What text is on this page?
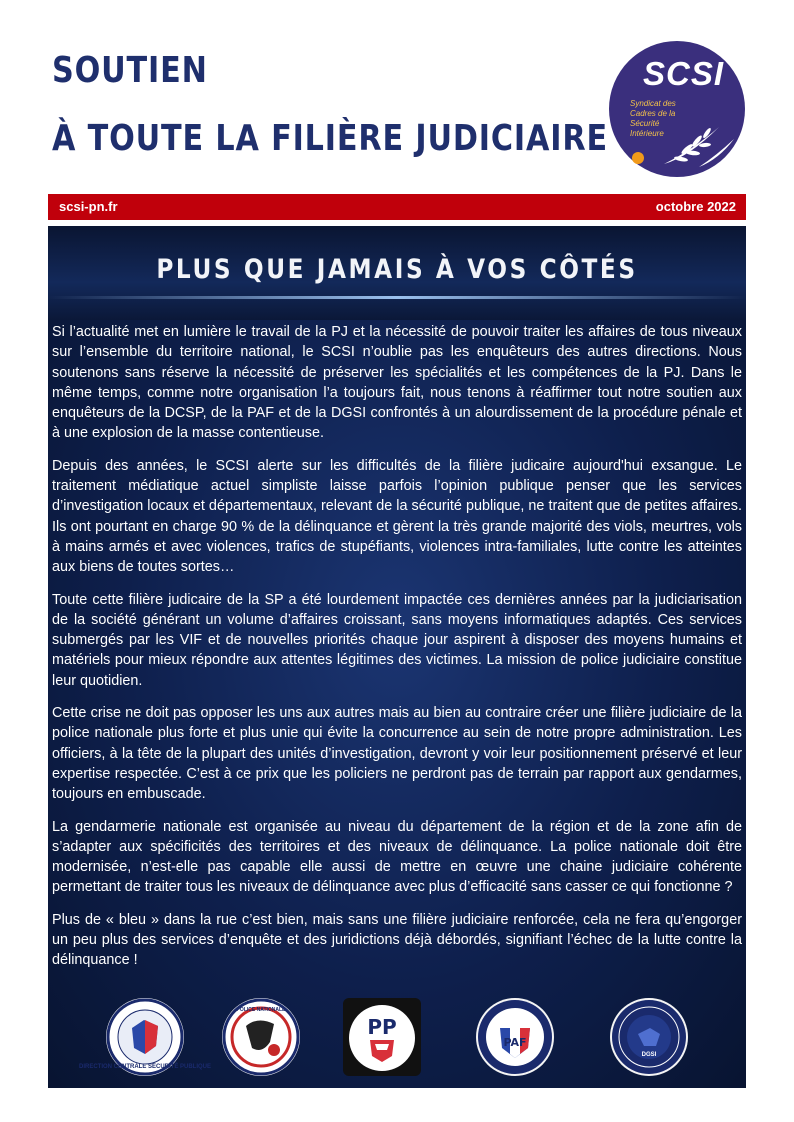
SOUTIEN
À TOUTE LA FILIÈRE JUDICIAIRE
SCSI
Syndicat des Cadres de la Sécurité Intérieure
scsi-pn.fr	octobre 2022
PLUS QUE JAMAIS À VOS CÔTÉS

Si l’actualité met en lumière le travail de la PJ et la nécessité de pouvoir traiter les affaires de tous niveaux sur l’ensemble du territoire national, le SCSI n’oublie pas les enquêteurs des autres directions. Nous soutenons sans réserve la nécessité de préserver les spécialités et les compétences de la PJ. Dans le même temps, comme notre organisation l’a toujours fait, nous tenons à réaffirmer tout notre soutien aux enquêteurs de la DCSP, de la PAF et de la DGSI confrontés à un alourdissement de la procédure pénale et à une explosion de la masse contentieuse.

Depuis des années, le SCSI alerte sur les difficultés de la filière judicaire aujourd'hui exsangue. Le traitement médiatique actuel simpliste laisse parfois l’opinion publique penser que les services d’investigation locaux et départementaux, relevant de la sécurité publique, ne traitent que de petites affaires. Ils ont pourtant en charge 90 % de la délinquance et gèrent la très grande majorité des viols, meurtres, vols à mains armés et avec violences, trafics de stupéfiants, violences intra-familiales, lutte contre les atteintes aux biens de toutes sortes…

Toute cette filière judicaire de la SP a été lourdement impactée ces dernières années par la judiciarisation de la société générant un volume d’affaires croissant, sans moyens informatiques adaptés. Ces services submergés par les VIF et de nouvelles priorités chaque jour aspirent à disposer des moyens humains et matériels pour mieux répondre aux attentes légitimes des victimes. La mission de police judiciaire constitue leur quotidien.

Cette crise ne doit pas opposer les uns aux autres mais au bien au contraire créer une filière judiciaire de la police nationale plus forte et plus unie qui évite la concurrence au sein de notre propre administration. Les officiers, à la tête de la plupart des unités d’investigation, devront y voir leur positionnement préservé et leur expertise respectée. C’est à ce prix que les policiers ne perdront pas de terrain par rapport aux gendarmes, toujours en embuscade.

La gendarmerie nationale est organisée au niveau du département de la région et de la zone afin de s’adapter aux spécificités des territoires et des niveaux de délinquance. La police nationale doit être modernisée, n’est-elle pas capable elle aussi de mettre en œuvre une chaine judiciaire cohérente permettant de traiter tous les niveaux de délinquance avec plus d’efficacité sans casser ce qui fonctionne ?

Plus de « bleu » dans la rue c’est bien, mais sans une filière judiciaire renforcée, cela ne fera qu’engorger un peu plus des services d’enquête et des juridictions déjà débordés, signifiant l’échec de la lutte contre la délinquance !

DIRECTION CENTRALE SÉCURITÉ PUBLIQUE
POLICE NATIONALE
PP
PAF
DGSI
